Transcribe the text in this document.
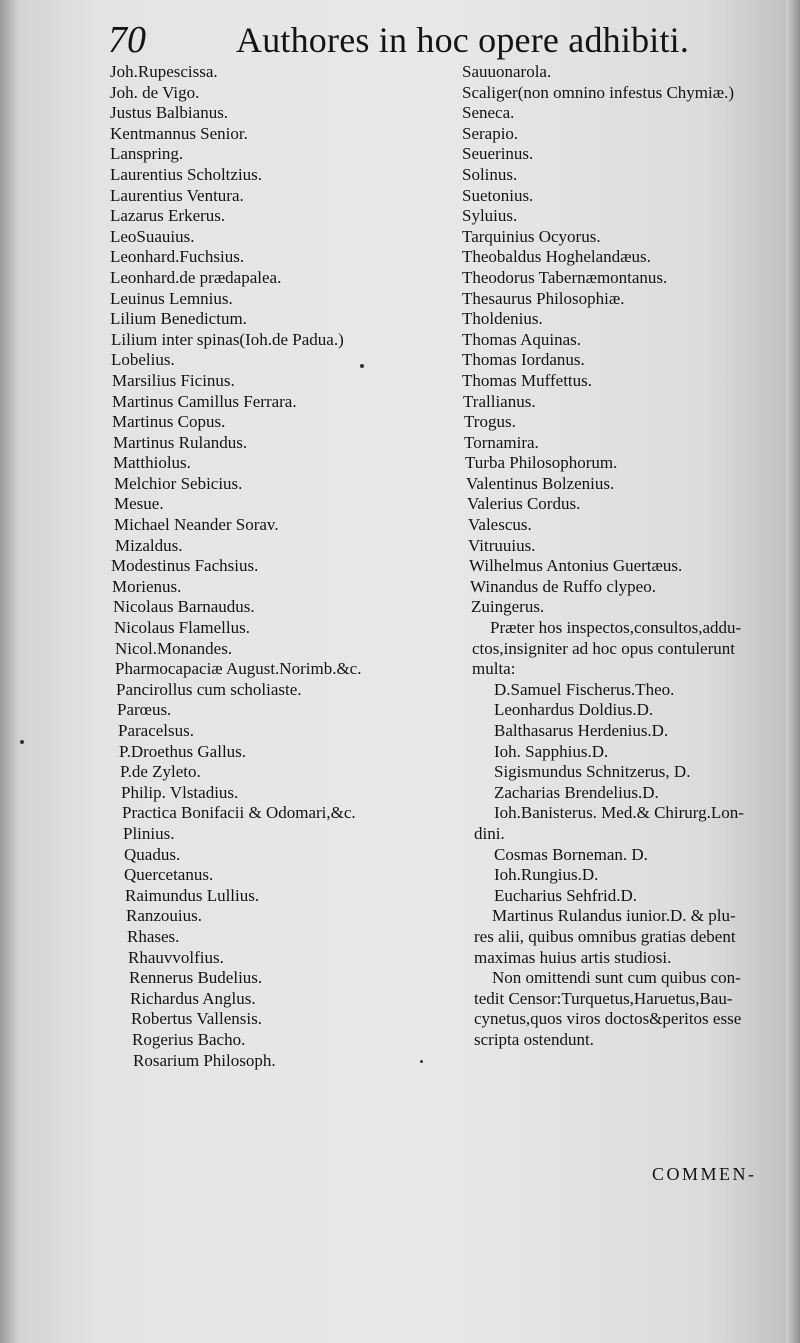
70	Authores in hoc opere adhibiti.
Joh.Rupescissa.
Joh. de Vigo.
Justus Balbianus.
Kentmannus Senior.
Lanspring.
Laurentius Scholtzius.
Laurentius Ventura.
Lazarus Erkerus.
LeoSuauius.
Leonhard.Fuchsius.
Leonhard.de prædapalea.
Leuinus Lemnius.
Lilium Benedictum.
Lilium inter spinas(Ioh.de Padua.)
Lobelius.
Marsilius Ficinus.
Martinus Camillus Ferrara.
Martinus Copus.
Martinus Rulandus.
Matthiolus.
Melchior Sebicius.
Mesue.
Michael Neander Sorav.
Mizaldus.
Modestinus Fachsius.
Morienus.
Nicolaus Barnaudus.
Nicolaus Flamellus.
Nicol.Monandes.
Pharmocapaciæ August.Norimb.&c.
Pancirollus cum scholiaste.
Parœus.
Paracelsus.
P.Droethus Gallus.
P.de Zyleto.
Philip. Vlstadius.
Practica Bonifacii & Odomari,&c.
Plinius.
Quadus.
Quercetanus.
Raimundus Lullius.
Ranzouius.
Rhases.
Rhauvvolfius.
Rennerus Budelius.
Richardus Anglus.
Robertus Vallensis.
Rogerius Bacho.
Rosarium Philosoph.
Sauuonarola.
Scaliger(non omnino infestus Chymiæ.)
Seneca.
Serapio.
Seuerinus.
Solinus.
Suetonius.
Syluius.
Tarquinius Ocyorus.
Theobaldus Hoghelandæus.
Theodorus Tabernæmontanus.
Thesaurus Philosophiæ.
Tholdenius.
Thomas Aquinas.
Thomas Iordanus.
Thomas Muffettus.
Trallianus.
Trogus.
Tornamira.
Turba Philosophorum.
Valentinus Bolzenius.
Valerius Cordus.
Valescus.
Vitruuius.
Wilhelmus Antonius Guertæus.
Winandus de Ruffo clypeo.
Zuingerus.
Præter hos inspectos,consultos,addu-
ctos,insigniter ad hoc opus contulerunt
multa:
D.Samuel Fischerus.Theo.
Leonhardus Doldius.D.
Balthasarus Herdenius.D.
Ioh. Sapphius.D.
Sigismundus Schnitzerus, D.
Zacharias Brendelius.D.
Ioh.Banisterus. Med.& Chirurg.Lon-
dini.
Cosmas Borneman. D.
Ioh.Rungius.D.
Eucharius Sehfrid.D.
Martinus Rulandus iunior.D. & plu-
res alii, quibus omnibus gratias debent
maximas huius artis studiosi.
Non omittendi sunt cum quibus con-
tedit Censor:Turquetus,Haruetus,Bau-
cynetus,quos viros doctos&peritos esse
scripta ostendunt.
COMMEN-
